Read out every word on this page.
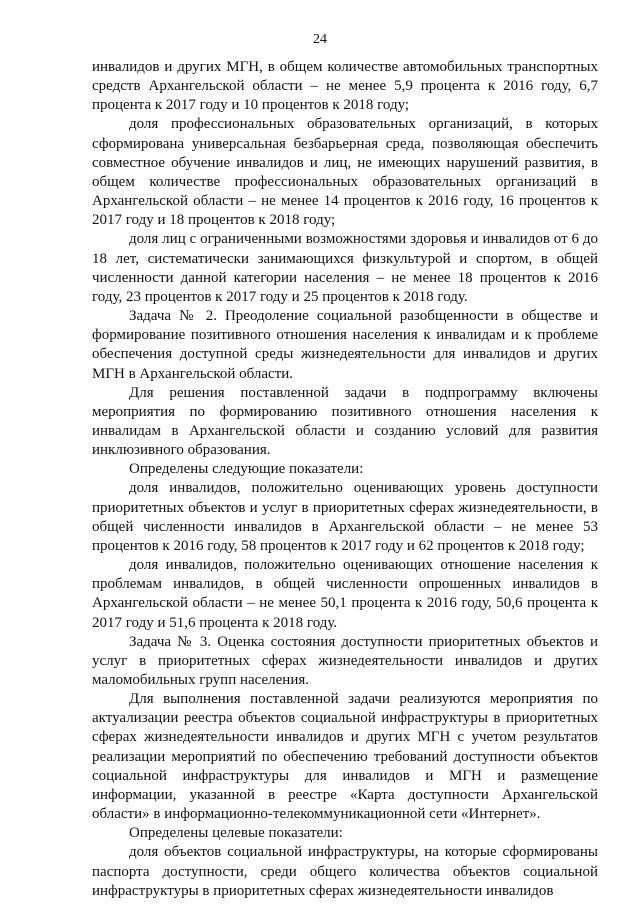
24

инвалидов и других МГН, в общем количестве автомобильных транспортных средств Архангельской области – не менее 5,9 процента к 2016 году, 6,7 процента к 2017 году и 10 процентов к 2018 году;

доля профессиональных образовательных организаций, в которых сформирована универсальная безбарьерная среда, позволяющая обеспечить совместное обучение инвалидов и лиц, не имеющих нарушений развития, в общем количестве профессиональных образовательных организаций в Архангельской области – не менее 14 процентов к 2016 году, 16 процентов к 2017 году и 18 процентов к 2018 году;

доля лиц с ограниченными возможностями здоровья и инвалидов от 6 до 18 лет, систематически занимающихся физкультурой и спортом, в общей численности данной категории населения – не менее 18 процентов к 2016 году, 23 процентов к 2017 году и 25 процентов к 2018 году.

Задача № 2. Преодоление социальной разобщенности в обществе и формирование позитивного отношения населения к инвалидам и к проблеме обеспечения доступной среды жизнедеятельности для инвалидов и других МГН в Архангельской области.

Для решения поставленной задачи в подпрограмму включены мероприятия по формированию позитивного отношения населения к инвалидам в Архангельской области и созданию условий для развития инклюзивного образования.

Определены следующие показатели:

доля инвалидов, положительно оценивающих уровень доступности приоритетных объектов и услуг в приоритетных сферах жизнедеятельности, в общей численности инвалидов в Архангельской области – не менее 53 процентов к 2016 году, 58 процентов к 2017 году и 62 процентов к 2018 году;

доля инвалидов, положительно оценивающих отношение населения к проблемам инвалидов, в общей численности опрошенных инвалидов в Архангельской области – не менее 50,1 процента к 2016 году, 50,6 процента к 2017 году и 51,6 процента к 2018 году.

Задача № 3. Оценка состояния доступности приоритетных объектов и услуг в приоритетных сферах жизнедеятельности инвалидов и других маломобильных групп населения.

Для выполнения поставленной задачи реализуются мероприятия по актуализации реестра объектов социальной инфраструктуры в приоритетных сферах жизнедеятельности инвалидов и других МГН с учетом результатов реализации мероприятий по обеспечению требований доступности объектов социальной инфраструктуры для инвалидов и МГН и размещение информации, указанной в реестре «Карта доступности Архангельской области» в информационно-телекоммуникационной сети «Интернет».

Определены целевые показатели:

доля объектов социальной инфраструктуры, на которые сформированы паспорта доступности, среди общего количества объектов социальной инфраструктуры в приоритетных сферах жизнедеятельности инвалидов
